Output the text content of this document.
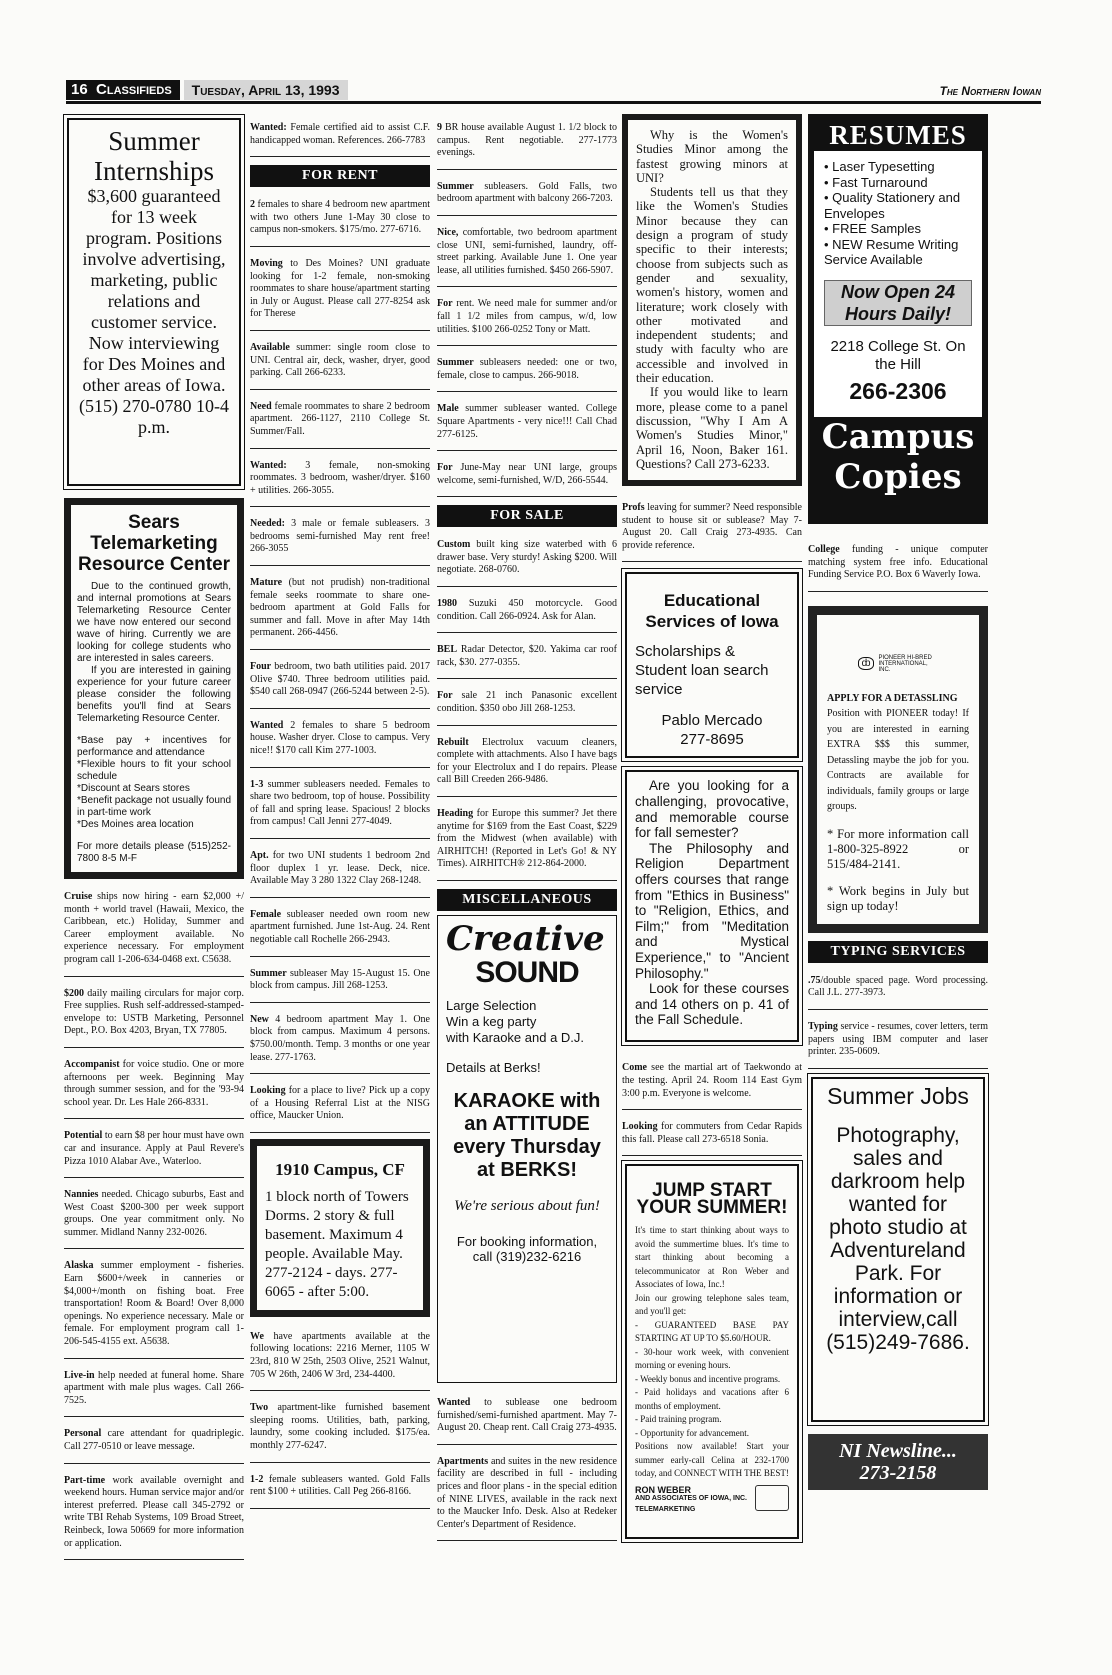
16 Classifieds	Tuesday, April 13, 1993	The Northern Iowan
Summer Internships
$3,600 guaranteed for 13 week program. Positions involve advertising, marketing, public relations and customer service. Now interviewing for Des Moines and other areas of Iowa. (515) 270-0780 10-4 p.m.
Sears Telemarketing Resource Center

Due to the continued growth, and internal promotions at Sears Telemarketing Resource Center we have now entered our second wave of hiring. Currently we are looking for college students who are interested in sales careers.

If you are interested in gaining experience for your future career please consider the following benefits you'll find at Sears Telemarketing Resource Center.

*Base pay + incentives for performance and attendance

*Flexible hours to fit your school schedule

*Discount at Sears stores

*Benefit package not usually found in part-time work

*Des Moines area location

For more details please (515)252-7800 8-5 M-F

Cruise ships now hiring - earn $2,000 +/ month + world travel (Hawaii, Mexico, the Caribbean, etc.) Holiday, Summer and Career employment available. No experience necessary. For employment program call 1-206-634-0468 ext. C5638.
$200 daily mailing circulars for major corp. Free supplies. Rush self-addressed-stamped-envelope to: USTB Marketing, Personnel Dept., P.O. Box 4203, Bryan, TX 77805.
Accompanist for voice studio. One or more afternoons per week. Beginning May through summer session, and for the '93-94 school year. Dr. Les Hale 266-8331.
Potential to earn $8 per hour must have own car and insurance. Apply at Paul Revere's Pizza 1010 Alabar Ave., Waterloo.
Nannies needed. Chicago suburbs, East and West Coast $200-300 per week support groups. One year commitment only. No summer. Midland Nanny 232-0026.
Alaska summer employment - fisheries. Earn $600+/week in canneries or $4,000+/month on fishing boat. Free transportation! Room & Board! Over 8,000 openings. No experience necessary. Male or female. For employment program call 1-206-545-4155 ext. A5638.
Live-in help needed at funeral home. Share apartment with male plus wages. Call 266-7525.
Personal care attendant for quadriplegic. Call 277-0510 or leave message.
Part-time work available overnight and weekend hours. Human service major and/or interest preferred. Please call 345-2792 or write TBI Rehab Systems, 109 Broad Street, Reinbeck, Iowa 50669 for more information or application.
Wanted: Female certified aid to assist C.F. handicapped woman. References. 266-7783
FOR RENT
2 females to share 4 bedroom new apartment with two others June 1-May 30 close to campus non-smokers. $175/mo. 277-6716.
Moving to Des Moines? UNI graduate looking for 1-2 female, non-smoking roommates to share house/apartment starting in July or August. Please call 277-8254 ask for Therese
Available summer: single room close to UNI. Central air, deck, washer, dryer, good parking. Call 266-6233.
Need female roommates to share 2 bedroom apartment. 266-1127, 2110 College St. Summer/Fall.
Wanted: 3 female, non-smoking roommates. 3 bedroom, washer/dryer. $160 + utilities. 266-3055.
Needed: 3 male or female subleasers. 3 bedrooms semi-furnished May rent free! 266-3055
Mature (but not prudish) non-traditional female seeks roommate to share one-bedroom apartment at Gold Falls for summer and fall. Move in after May 14th permanent. 266-4456.
Four bedroom, two bath utilities paid. 2017 Olive $740. Three bedroom utilities paid. $540 call 268-0947 (266-5244 between 2-5).
Wanted 2 females to share 5 bedroom house. Washer dryer. Close to campus. Very nice!! $170 call Kim 277-1003.
1-3 summer subleasers needed. Females to share two bedroom, top of house. Possibility of fall and spring lease. Spacious! 2 blocks from campus! Call Jenni 277-4049.
Apt. for two UNI students 1 bedroom 2nd floor duplex 1 yr. lease. Deck, nice. Available May 3 280 1322 Clay 268-1248.
Female subleaser needed own room new apartment furnished. June 1st-Aug. 24. Rent negotiable call Rochelle 266-2943.
Summer subleaser May 15-August 15. One block from campus. Jill 268-1253.
New 4 bedroom apartment May 1. One block from campus. Maximum 4 persons. $750.00/month. Temp. 3 months or one year lease. 277-1763.
Looking for a place to live? Pick up a copy of a Housing Referral List at the NISG office, Maucker Union.
1910 Campus, CF
1 block north of Towers Dorms. 2 story & full basement. Maximum 4 people. Available May. 277-2124 - days. 277-6065 - after 5:00.
We have apartments available at the following locations: 2216 Merner, 1105 W 23rd, 810 W 25th, 2503 Olive, 2521 Walnut, 705 W 26th, 2406 W 3rd, 234-4400.
Two apartment-like furnished basement sleeping rooms. Utilities, bath, parking, laundry, some cooking included. $175/ea. monthly 277-6247.
1-2 female subleasers wanted. Gold Falls rent $100 + utilities. Call Peg 266-8166.
9 BR house available August 1. 1/2 block to campus. Rent negotiable. 277-1773 evenings.
Summer subleasers. Gold Falls, two bedroom apartment with balcony 266-7203.
Nice, comfortable, two bedroom apartment close UNI, semi-furnished, laundry, off-street parking. Available June 1. One year lease, all utilities furnished. $450 266-5907.
For rent. We need male for summer and/or fall 1 1/2 miles from campus, w/d, low utilities. $100 266-0252 Tony or Matt.
Summer subleasers needed: one or two, female, close to campus. 266-9018.
Male summer subleaser wanted. College Square Apartments - very nice!!! Call Chad 277-6125.
For June-May near UNI large, groups welcome, semi-furnished, W/D, 266-5544.
FOR SALE
Custom built king size waterbed with 6 drawer base. Very sturdy! Asking $200. Will negotiate. 268-0760.
1980 Suzuki 450 motorcycle. Good condition. Call 266-0924. Ask for Alan.
BEL Radar Detector, $20. Yakima car roof rack, $30. 277-0355.
For sale 21 inch Panasonic excellent condition. $350 obo Jill 268-1253.
Rebuilt Electrolux vacuum cleaners, complete with attachments. Also I have bags for your Electrolux and I do repairs. Please call Bill Creeden 266-9486.
Heading for Europe this summer? Jet there anytime for $169 from the East Coast, $229 from the Midwest (when available) with AIRHITCH! (Reported in Let's Go! & NY Times). AIRHITCH® 212-864-2000.
MISCELLANEOUS
Creative
SOUND
Large Selection
Win a keg party
with Karaoke and a D.J.
Details at Berks!
KARAOKE with an ATTITUDE every Thursday at BERKS!
We're serious about fun!
For booking information, call (319)232-6216
Wanted to sublease one bedroom furnished/semi-furnished apartment. May 7-August 20. Cheap rent. Call Craig 273-4935.
Apartments and suites in the new residence facility are described in full - including prices and floor plans - in the special edition of NINE LIVES, available in the rack next to the Maucker Info. Desk. Also at Redeker Center's Department of Residence.

Why is the Women's Studies Minor among the fastest growing minors at UNI?

Students tell us that they like the Women's Studies Minor because they can design a program of study specific to their interests; choose from subjects such as gender and sexuality, women's history, women and literature; work closely with other motivated and independent students; and study with faculty who are accessible and involved in their education.

If you would like to learn more, please come to a panel discussion, "Why I Am A Women's Studies Minor," April 16, Noon, Baker 161. Questions? Call 273-6233.

Profs leaving for summer? Need responsible student to house sit or sublease? May 7-August 20. Call Craig 273-4935. Can provide reference.
Educational Services of Iowa
Scholarships & Student loan search service
Pablo Mercado
277-8695

Are you looking for a challenging, provocative, and memorable course for fall semester?

The Philosophy and Religion Department offers courses that range from "Ethics in Business" to "Religion, Ethics, and Film;" from "Meditation and Mystical Experience," to "Ancient Philosophy."

Look for these courses and 14 others on p. 41 of the Fall Schedule.

Come see the martial art of Taekwondo at the testing. April 24. Room 114 East Gym 3:00 p.m. Everyone is welcome.
Looking for commuters from Cedar Rapids this fall. Please call 273-6518 Sonia.
JUMP START YOUR SUMMER!

It's time to start thinking about ways to avoid the summertime blues. It's time to start thinking about becoming a telecommunicator at Ron Weber and Associates of Iowa, Inc.!

Join our growing telephone sales team, and you'll get:

- GUARANTEED BASE PAY STARTING AT UP TO $5.60/HOUR.

- 30-hour work week, with convenient morning or evening hours.

- Weekly bonus and incentive programs.

- Paid holidays and vacations after 6 months of employment.

- Paid training program.

- Opportunity for advancement.

Positions now available! Start your summer early-call Celina at 232-1700 today, and CONNECT WITH THE BEST!

RON WEBER
AND ASSOCIATES OF IOWA, INC.
TELEMARKETING
RESUMES
• Laser Typesetting
• Fast Turnaround
• Quality Stationery and Envelopes
• FREE Samples
• NEW Resume Writing Service Available
Now Open 24 Hours Daily!
2218 College St. On the Hill
266-2306
Campus Copies
College funding - unique computer matching system free info. Educational Funding Service P.O. Box 6 Waverly Iowa.
ȸ
PIONEER HI-BRED INTERNATIONAL, INC.

APPLY FOR A DETASSLING

Position with PIONEER today! If you are interested in earning EXTRA $$$ this summer, Detassling maybe the job for you. Contracts are available for individuals, family groups or large groups.

* For more information call 1-800-325-8922 or 515/484-2141.

* Work begins in July but sign up today!

TYPING SERVICES
.75/double spaced page. Word processing. Call J.L. 277-3973.
Typing service - resumes, cover letters, term papers using IBM computer and laser printer. 235-0609.
Summer Jobs
Photography, sales and darkroom help wanted for photo studio at Adventureland Park. For information or interview,call (515)249-7686.
NI Newsline...
273-2158
